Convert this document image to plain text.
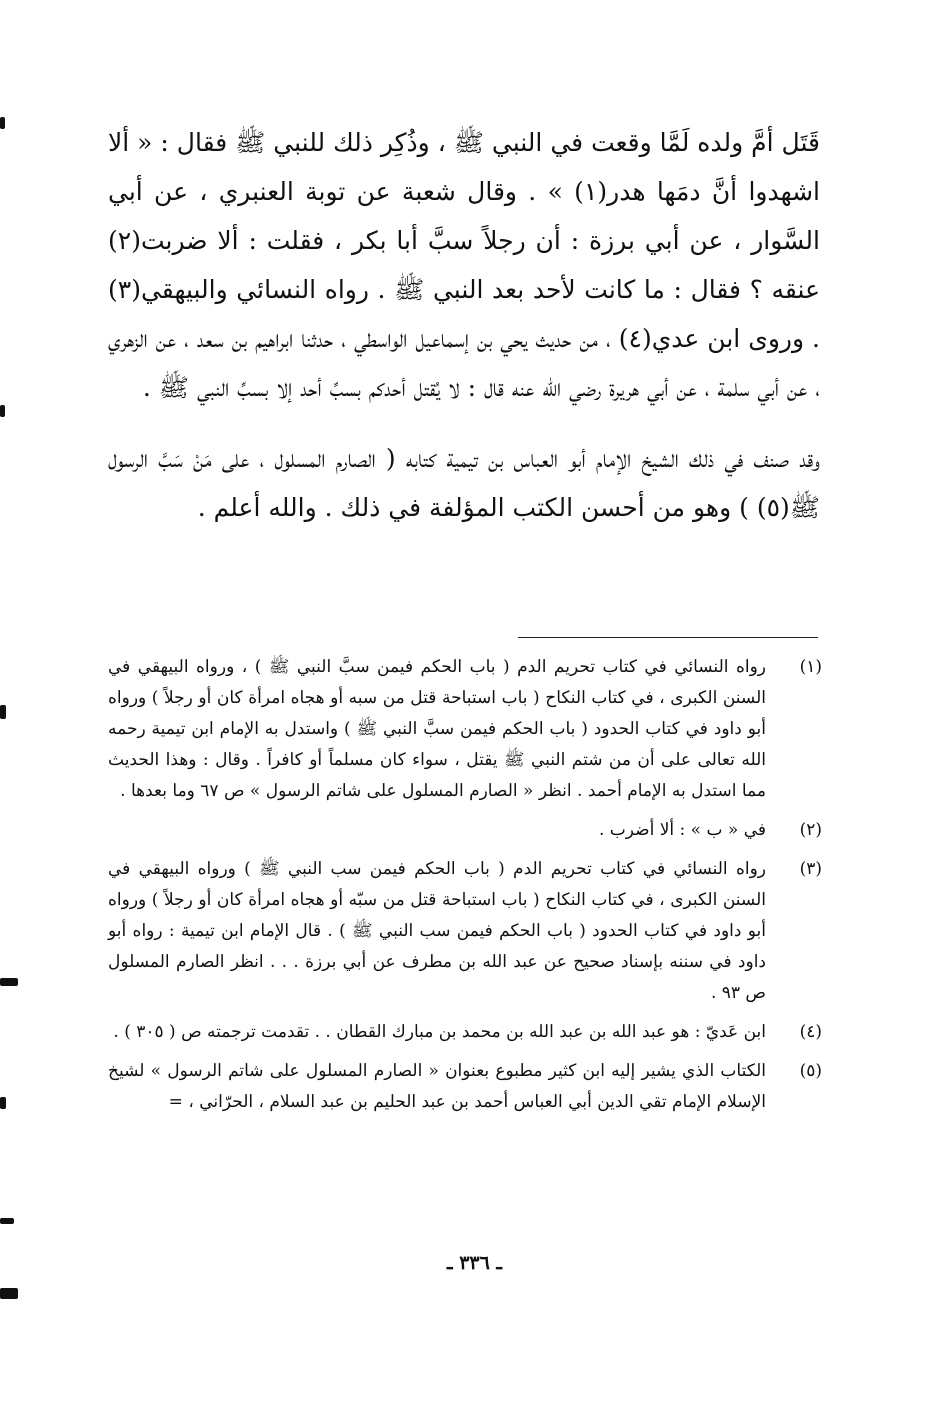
قَتَل أمَّ ولده لَمَّا وقعت في النبي ﷺ ، وذُكِر ذلك للنبي ﷺ فقال : « ألا اشهدوا أنَّ دمَها هدر(١) » . وقال شعبة عن توبة العنبري ، عن أبي السَّوار ، عن أبي برزة : أن رجلاً سبَّ أبا بكر ، فقلت : ألا ضربت(٢) عنقه ؟ فقال : ما كانت لأحد بعد النبي ﷺ . رواه النسائي والبيهقي(٣) . وروى ابن عدي(٤) ، من حديث يحي بن إسماعيل الواسطي ، حدثنا ابراهيم بن سعد ، عن الزهري ، عن أبي سلمة ، عن أبي هريرة رضي الله عنه قال : لا يُقتل أحدكم بسبِّ أحد إلا بسبِّ النبي ﷺ .

وقد صنف في ذلك الشيخ الإمام أبو العباس بن تيمية كتابه ( الصارم المسلول ، على مَنْ سَبَّ الرسول ﷺ(٥) ) وهو من أحسن الكتب المؤلفة في ذلك . والله أعلم .

(١)
رواه النسائي في كتاب تحريم الدم ( باب الحكم فيمن سبَّ النبي ﷺ ) ، ورواه البيهقي في السنن الكبرى ، في كتاب النكاح ( باب استباحة قتل من سبه أو هجاه امرأة كان أو رجلاً ) ورواه أبو داود في كتاب الحدود ( باب الحكم فيمن سبَّ النبي ﷺ ) واستدل به الإمام ابن تيمية رحمه الله تعالى على أن من شتم النبي ﷺ يقتل ، سواء كان مسلماً أو كافراً . وقال : وهذا الحديث مما استدل به الإمام أحمد . انظر « الصارم المسلول على شاتم الرسول » ص ٦٧ وما بعدها .
(٢)
في « ب » : ألا أضرب .
(٣)
رواه النسائي في كتاب تحريم الدم ( باب الحكم فيمن سب النبي ﷺ ) ورواه البيهقي في السنن الكبرى ، في كتاب النكاح ( باب استباحة قتل من سبّه أو هجاه امرأة كان أو رجلاً ) ورواه أبو داود في كتاب الحدود ( باب الحكم فيمن سب النبي ﷺ ) . قال الإمام ابن تيمية : رواه أبو داود في سننه بإسناد صحيح عن عبد الله بن مطرف عن أبي برزة . . . انظر الصارم المسلول ص ٩٣ .
(٤)
ابن عَديّ : هو عبد الله بن عبد الله بن محمد بن مبارك القطان . . تقدمت ترجمته ص ( ٣٠٥ ) .
(٥)
الكتاب الذي يشير إليه ابن كثير مطبوع بعنوان « الصارم المسلول على شاتم الرسول » لشيخ الإسلام الإمام تقي الدين أبي العباس أحمد بن عبد الحليم بن عبد السلام ، الحرّاني ، =
ـ ٣٣٦ ـ
